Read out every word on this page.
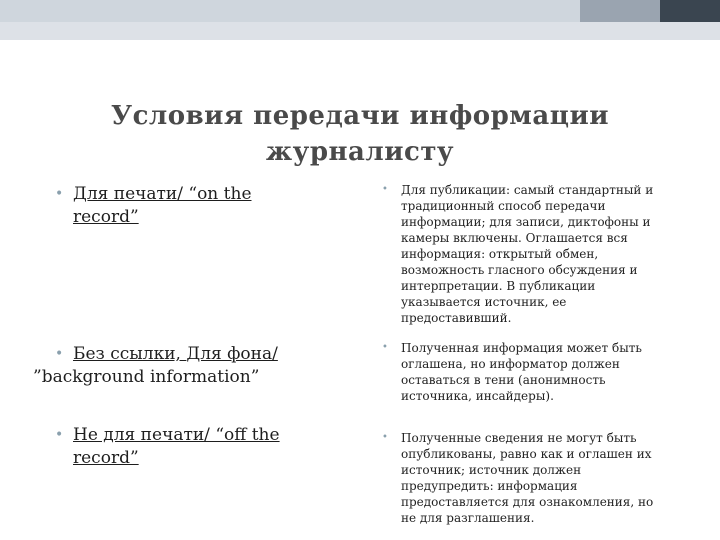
Условия передачи информации журналисту
• Для печати/ “on the
record”
• Без ссылки, Для фона/
”background information”
• Не для печати/ “off the
record”
•	Для публикации: самый стандартный и традиционный способ передачи информации; для записи, диктофоны и камеры включены. Оглашается вся информация: открытый обмен, возможность гласного обсуждения и интерпретации. В публикации указывается источник, ее предоставивший.
•	Полученная информация может быть оглашена, но информатор должен оставаться в тени (анонимность источника, инсайдеры).
•	Полученные сведения не могут быть опубликованы, равно как и оглашен их источник; источник должен предупредить: информация предоставляется для ознакомления, но не для разглашения.
